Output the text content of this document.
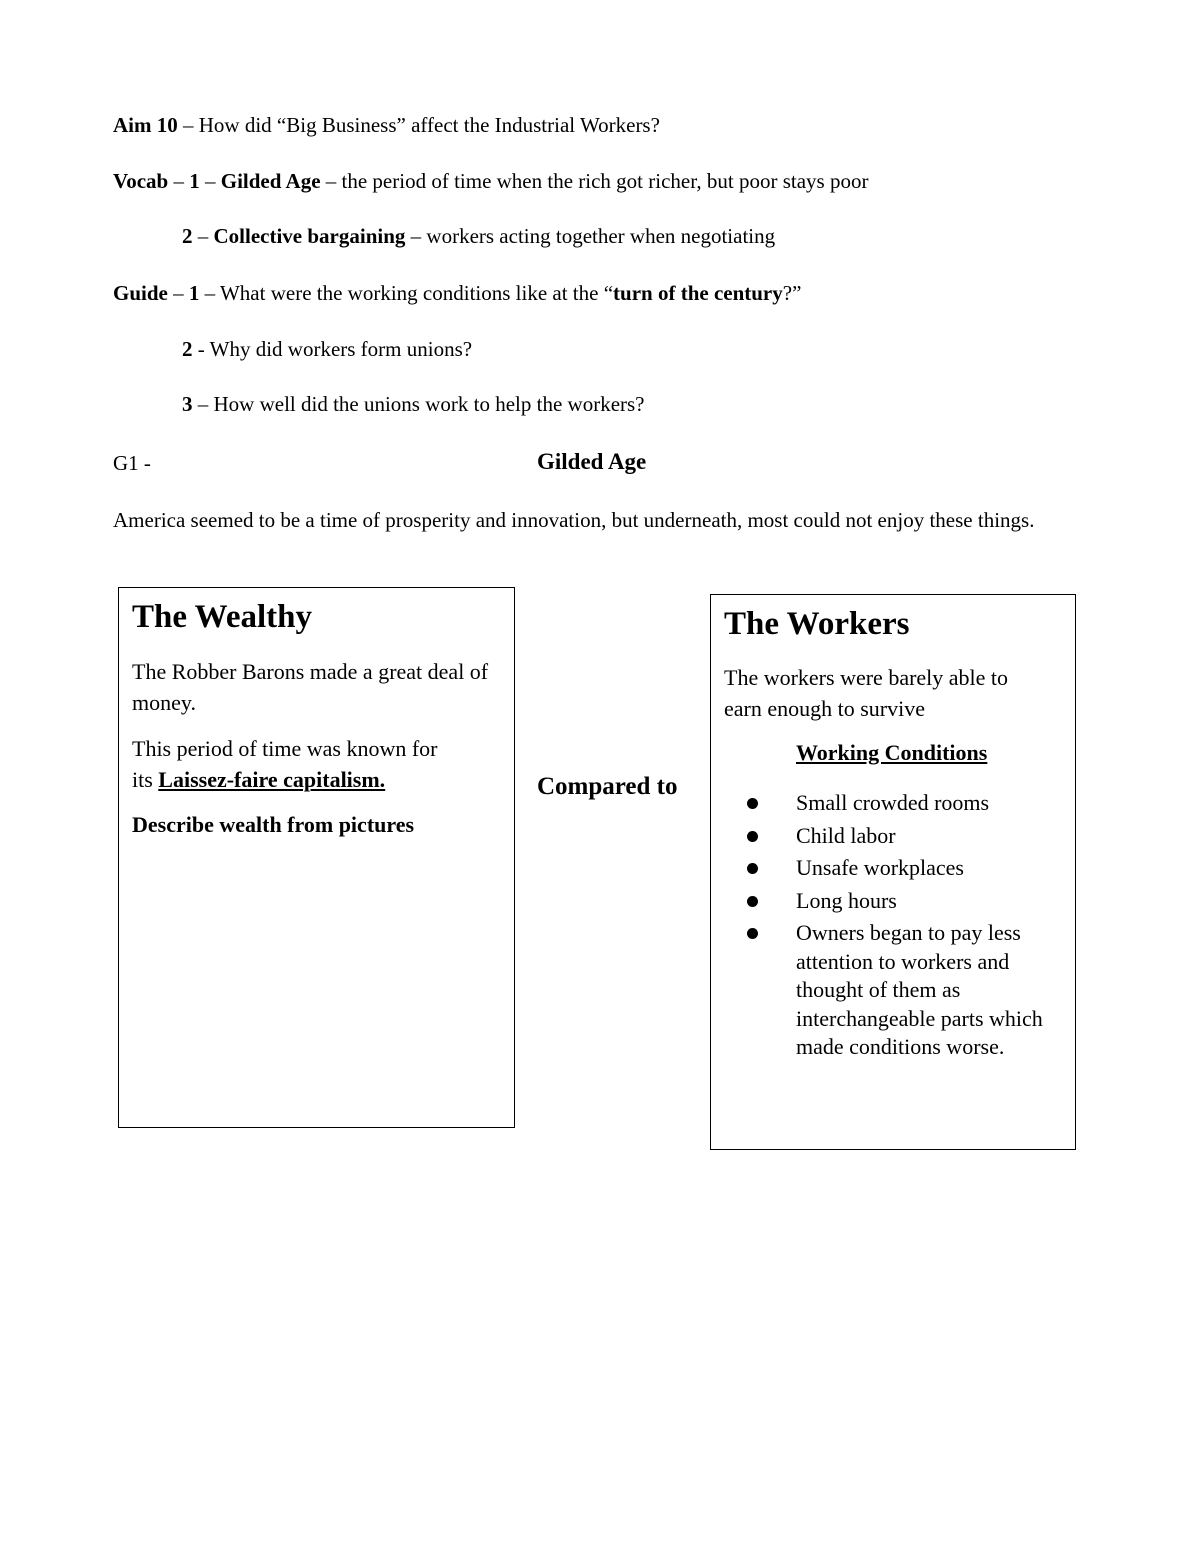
Aim 10 – How did “Big Business” affect the Industrial Workers?
Vocab – 1 – Gilded Age – the period of time when the rich got richer, but poor stays poor
2 – Collective bargaining – workers acting together when negotiating
Guide – 1 – What were the working conditions like at the “turn of the century?”
2 - Why did workers form unions?
3 – How well did the unions work to help the workers?
G1 -	Gilded Age
America seemed to be a time of prosperity and innovation, but underneath, most could not enjoy these things.
The Wealthy
The Robber Barons made a great deal of money.
This period of time was known for
its Laissez-faire capitalism.
Describe wealth from pictures
Compared to
The Workers
The workers were barely able to earn enough to survive
Working Conditions
Small crowded rooms
Child labor
Unsafe workplaces
Long hours
Owners began to pay less attention to workers and thought of them as interchangeable parts which made conditions worse.
